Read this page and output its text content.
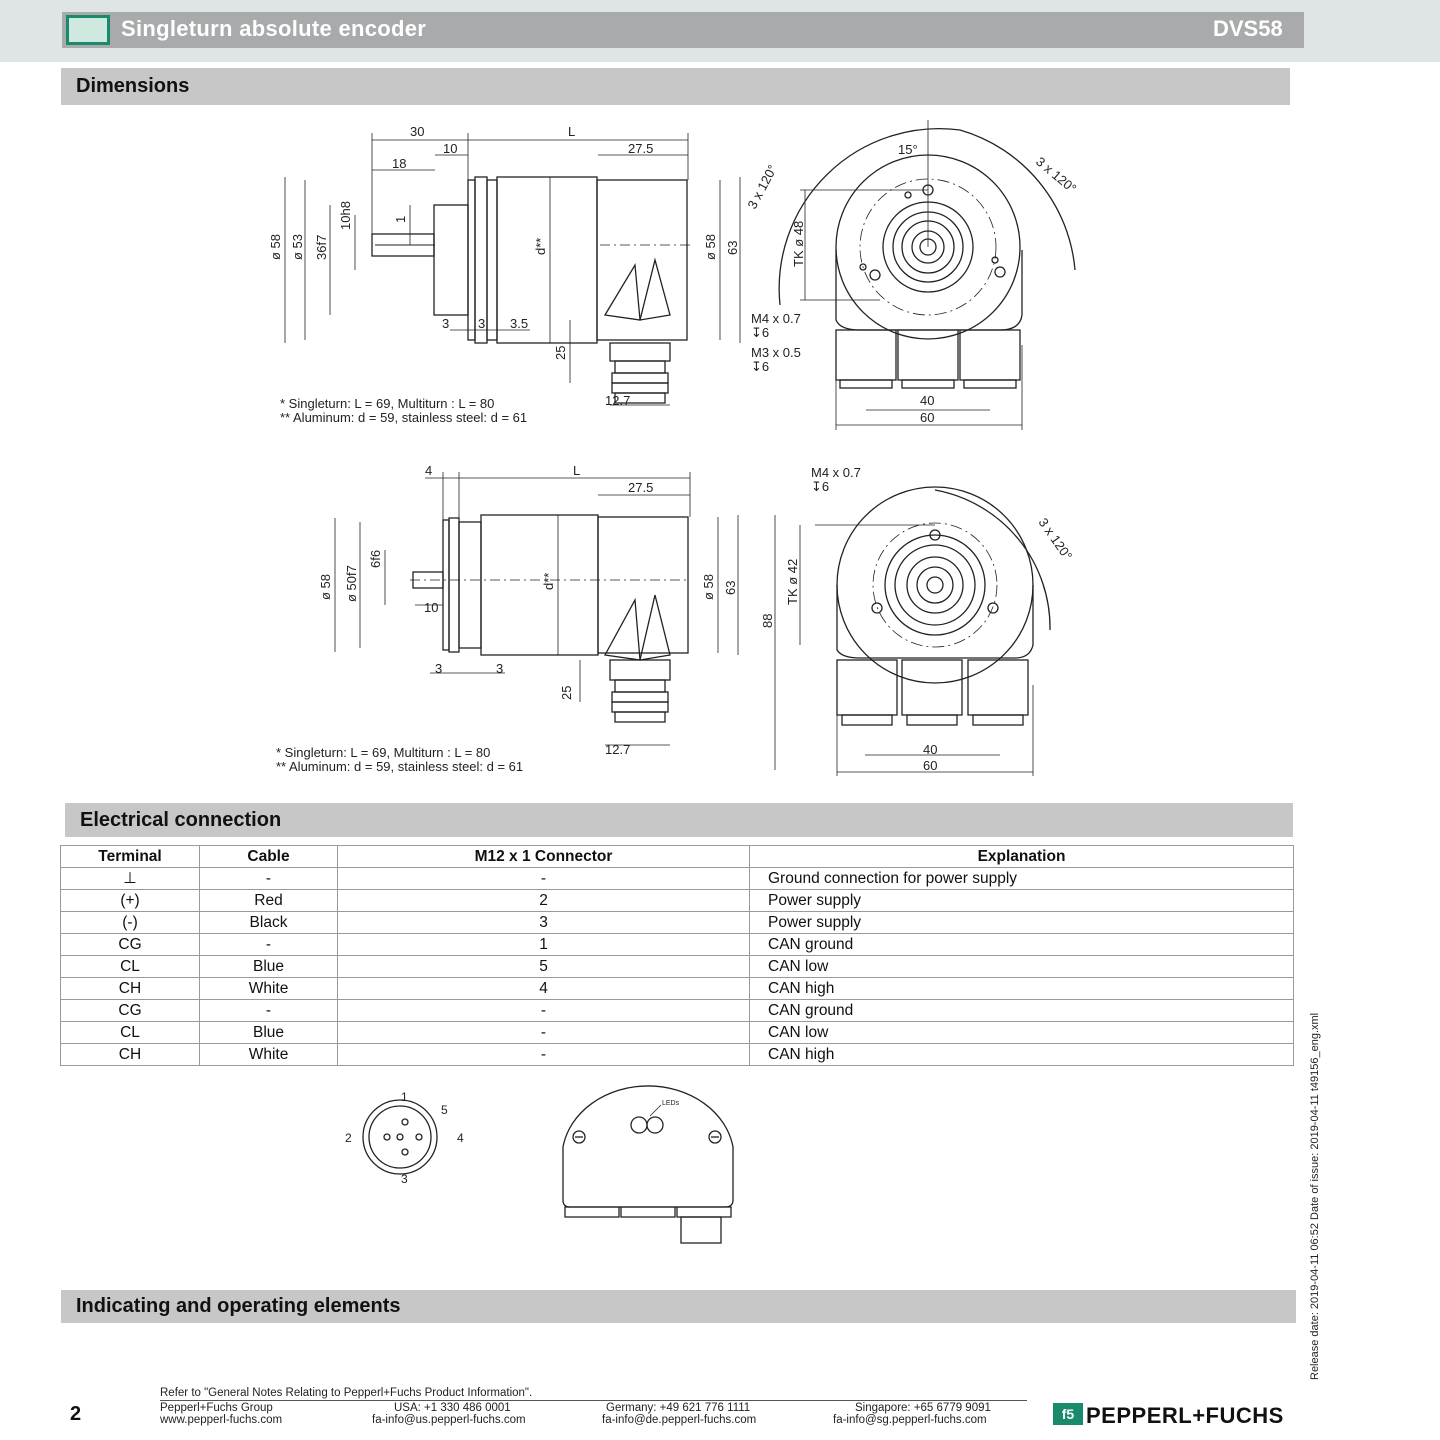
Singleturn absolute encoder	DVS58
Dimensions
30	L
10
18
27.5
ø 58 ø 53 36f7
10h8	1
d**	ø 58 63
3 3 3.5
25
12.7
15°
3 x 120°	3 x 120°
TK ø 48
M4 x 0.7
↧6
M3 x 0.5
↧6
40
60
* Singleturn: L = 69, Multiturn : L = 80
** Aluminum: d = 59, stainless steel: d = 61
4	L
27.5
ø 58 ø 50f7
6f6
10
d**	ø 58 63
3	3
25
12.7
M4 x 0.7
↧6
3 x 120°
TK ø 42
88
40
60
* Singleturn: L = 69, Multiturn : L = 80
** Aluminum: d = 59, stainless steel: d = 61
Electrical connection
Terminal	Cable	M12 x 1 Connector	Explanation
⊥	-	-	Ground connection for power supply
(+)	Red	2	Power supply
(-)	Black	3	Power supply
CG	-	1	CAN ground
CL	Blue	5	CAN low
CH	White	4	CAN high
CG	-	-	CAN ground
CL	Blue	-	CAN low
CH	White	-	CAN high
1
2
3
4
5	LEDs
Indicating and operating elements	Release date: 2019-04-11 06:52 Date of issue: 2019-04-11 t49156_eng.xml
Refer to "General Notes Relating to Pepperl+Fuchs Product Information".
2	Pepperl+Fuchs Group
www.pepperl-fuchs.com
USA: +1 330 486 0001
fa-info@us.pepperl-fuchs.com
Germany: +49 621 776 1111
fa-info@de.pepperl-fuchs.com
Singapore: +65 6779 9091
fa-info@sg.pepperl-fuchs.com	f5 PEPPERL+FUCHS
